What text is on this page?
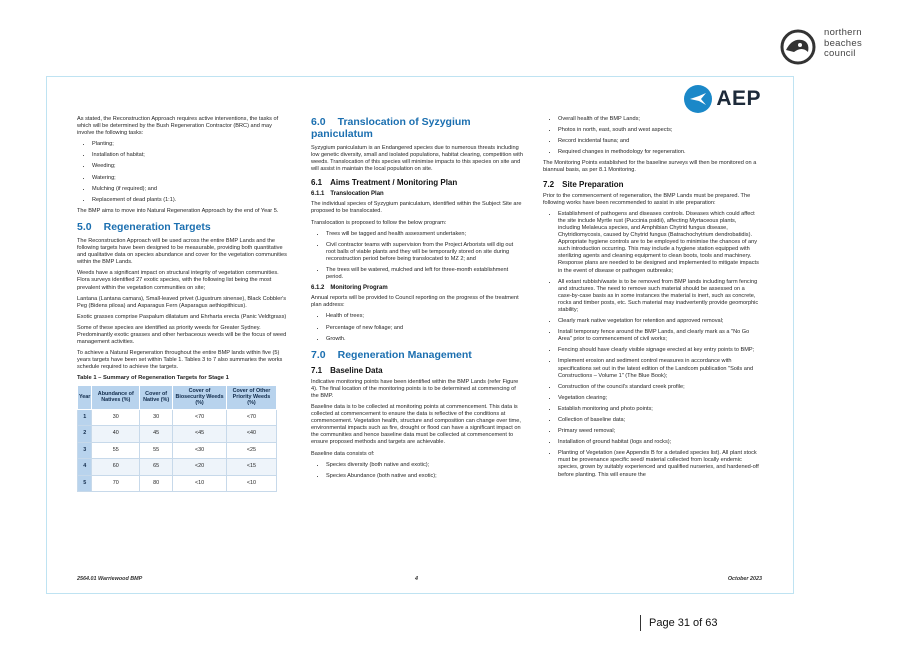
northern
beaches
council
AEP

As stated, the Reconstruction Approach requires active interventions, the tasks of which will be determined by the Bush Regeneration Contractor (BRC) and may involve the following tasks:

• Planting;
• Installation of habitat;
• Weeding;
• Watering;
• Mulching (if required); and
• Replacement of dead plants (1:1).

The BMP aims to move into Natural Regeneration Approach by the end of Year 5.

5.0 Regeneration Targets

The Reconstruction Approach will be used across the entire BMP Lands and the following targets have been designed to be measurable, providing both quantitative and qualitative data on species abundance and cover for the vegetation communities within the BMP Lands.

Weeds have a significant impact on structural integrity of vegetation communities. Flora surveys identified 27 exotic species, with the following list being the most prevalent within the vegetation communities on site;

Lantana (Lantana camara), Small-leaved privet (Ligustrum sinense), Black Cobbler's Peg (Bidens pilosa) and Asparagus Fern (Asparagus aethiopithicus).

Exotic grasses comprise Paspalum dilatatum and Ehrharta erecta (Panic Veldtgrass)

Some of these species are identified as priority weeds for Greater Sydney. Predominantly exotic grasses and other herbaceous weeds will be the focus of weed management activities.

To achieve a Natural Regeneration throughout the entire BMP lands within five (5) years targets have been set within Table 1. Tables 3 to 7 also summaries the works schedule required to achieve the targets.

Table 1 – Summary of Regeneration Targets for Stage 1
Year	Abundance of Natives (%)	Cover of Native (%)	Cover of Biosecurity Weeds (%)	Cover of Other Priority Weeds (%)
1	30	30	<70	<70
2	40	45	<45	<40
3	55	55	<30	<25
4	60	65	<20	<15
5	70	80	<10	<10
6.0 Translocation of Syzygium paniculatum

Syzygium paniculatum is an Endangered species due to numerous threats including low genetic diversity, small and isolated populations, habitat clearing, competition with weeds. Translocation of this species will minimise impacts to this species on site and will assist in maintain the local population on site.

6.1 Aims Treatment / Monitoring Plan
6.1.1 Translocation Plan

The individual species of Syzygium paniculatum, identified within the Subject Site are proposed to be translocated.

Translocation is proposed to follow the below program:

• Trees will be tagged and health assessment undertaken;
• Civil contractor teams with supervision from the Project Arborists will dig out root balls of viable plants and they will be temporarily stored on site during reconstruction period before being translocated to MZ 2; and
• The trees will be watered, mulched and left for three-month establishment period.
6.1.2 Monitoring Program

Annual reports will be provided to Council reporting on the progress of the treatment plan address:

• Health of trees;
• Percentage of new foliage; and
• Growth.
7.0 Regeneration Management
7.1 Baseline Data

Indicative monitoring points have been identified within the BMP Lands (refer Figure 4). The final location of the monitoring points is to be determined at commencing of the BMP.

Baseline data is to be collected at monitoring points at commencement. This data is collected at commencement to ensure the data is reflective of the conditions at commencement. Vegetation health, structure and composition can change over time, environmental impacts such as fire, drought or flood can have a significant impact on the communities and hence baseline data must be collected at commencement to ensure proposed methods and targets are achievable.

Baseline data consists of:

• Species diversity (both native and exotic);
• Species Abundance (both native and exotic);
• Overall health of the BMP Lands;
• Photos in north, east, south and west aspects;
• Record incidental fauna; and
• Required changes in methodology for regeneration.

The Monitoring Points established for the baseline surveys will then be monitored on a biannual basis, as per 8.1 Monitoring.

7.2 Site Preparation

Prior to the commencement of regeneration, the BMP Lands must be prepared. The following works have been recommended to assist in site preparation:

• Establishment of pathogens and diseases controls. Diseases which could affect the site include Myrtle rust (Puccinia psidii), affecting Myrtaceous plants, including Melaleuca species, and Amphibian Chytrid fungus disease, Chytridiomycosis, caused by Chytrid fungus (Batrachochytrium dendrobatidis). Appropriate hygiene controls are to be employed to minimise the chances of any such introduction occurring. This may include a hygiene station equipped with sterilizing agents and cleaning equipment to clean boots, tools and machinery. Response plans are needed to be designed and implemented to mitigate impacts in the event of disease or pathogen outbreaks;
• All extant rubbish/waste is to be removed from BMP lands including farm fencing and structures. The need to remove such material should be assessed on a case-by-case basis as in some instances the material is inert, such as concrete, rocks and timber posts, etc. Such material may inadvertently provide geomorphic stability;
• Clearly mark native vegetation for retention and approved removal;
• Install temporary fence around the BMP Lands, and clearly mark as a "No Go Area" prior to commencement of civil works;
• Fencing should have clearly visible signage erected at key entry points to BMP;
• Implement erosion and sediment control measures in accordance with specifications set out in the latest edition of the Landcom publication "Soils and Constructions – Volume 1" (The Blue Book);
• Construction of the council's standard creek profile;
• Vegetation clearing;
• Establish monitoring and photo points;
• Collection of baseline data;
• Primary weed removal;
• Installation of ground habitat (logs and rocks);
• Planting of Vegetation (see Appendix B for a detailed species list). All plant stock must be provenance specific seed/ material collected from locally endemic species, grown by suitably experienced and qualified nurseries, and hardened-off before planting. This will ensure the
2564.01 Warriewood BMP	4	October 2023
Page 31 of 63
